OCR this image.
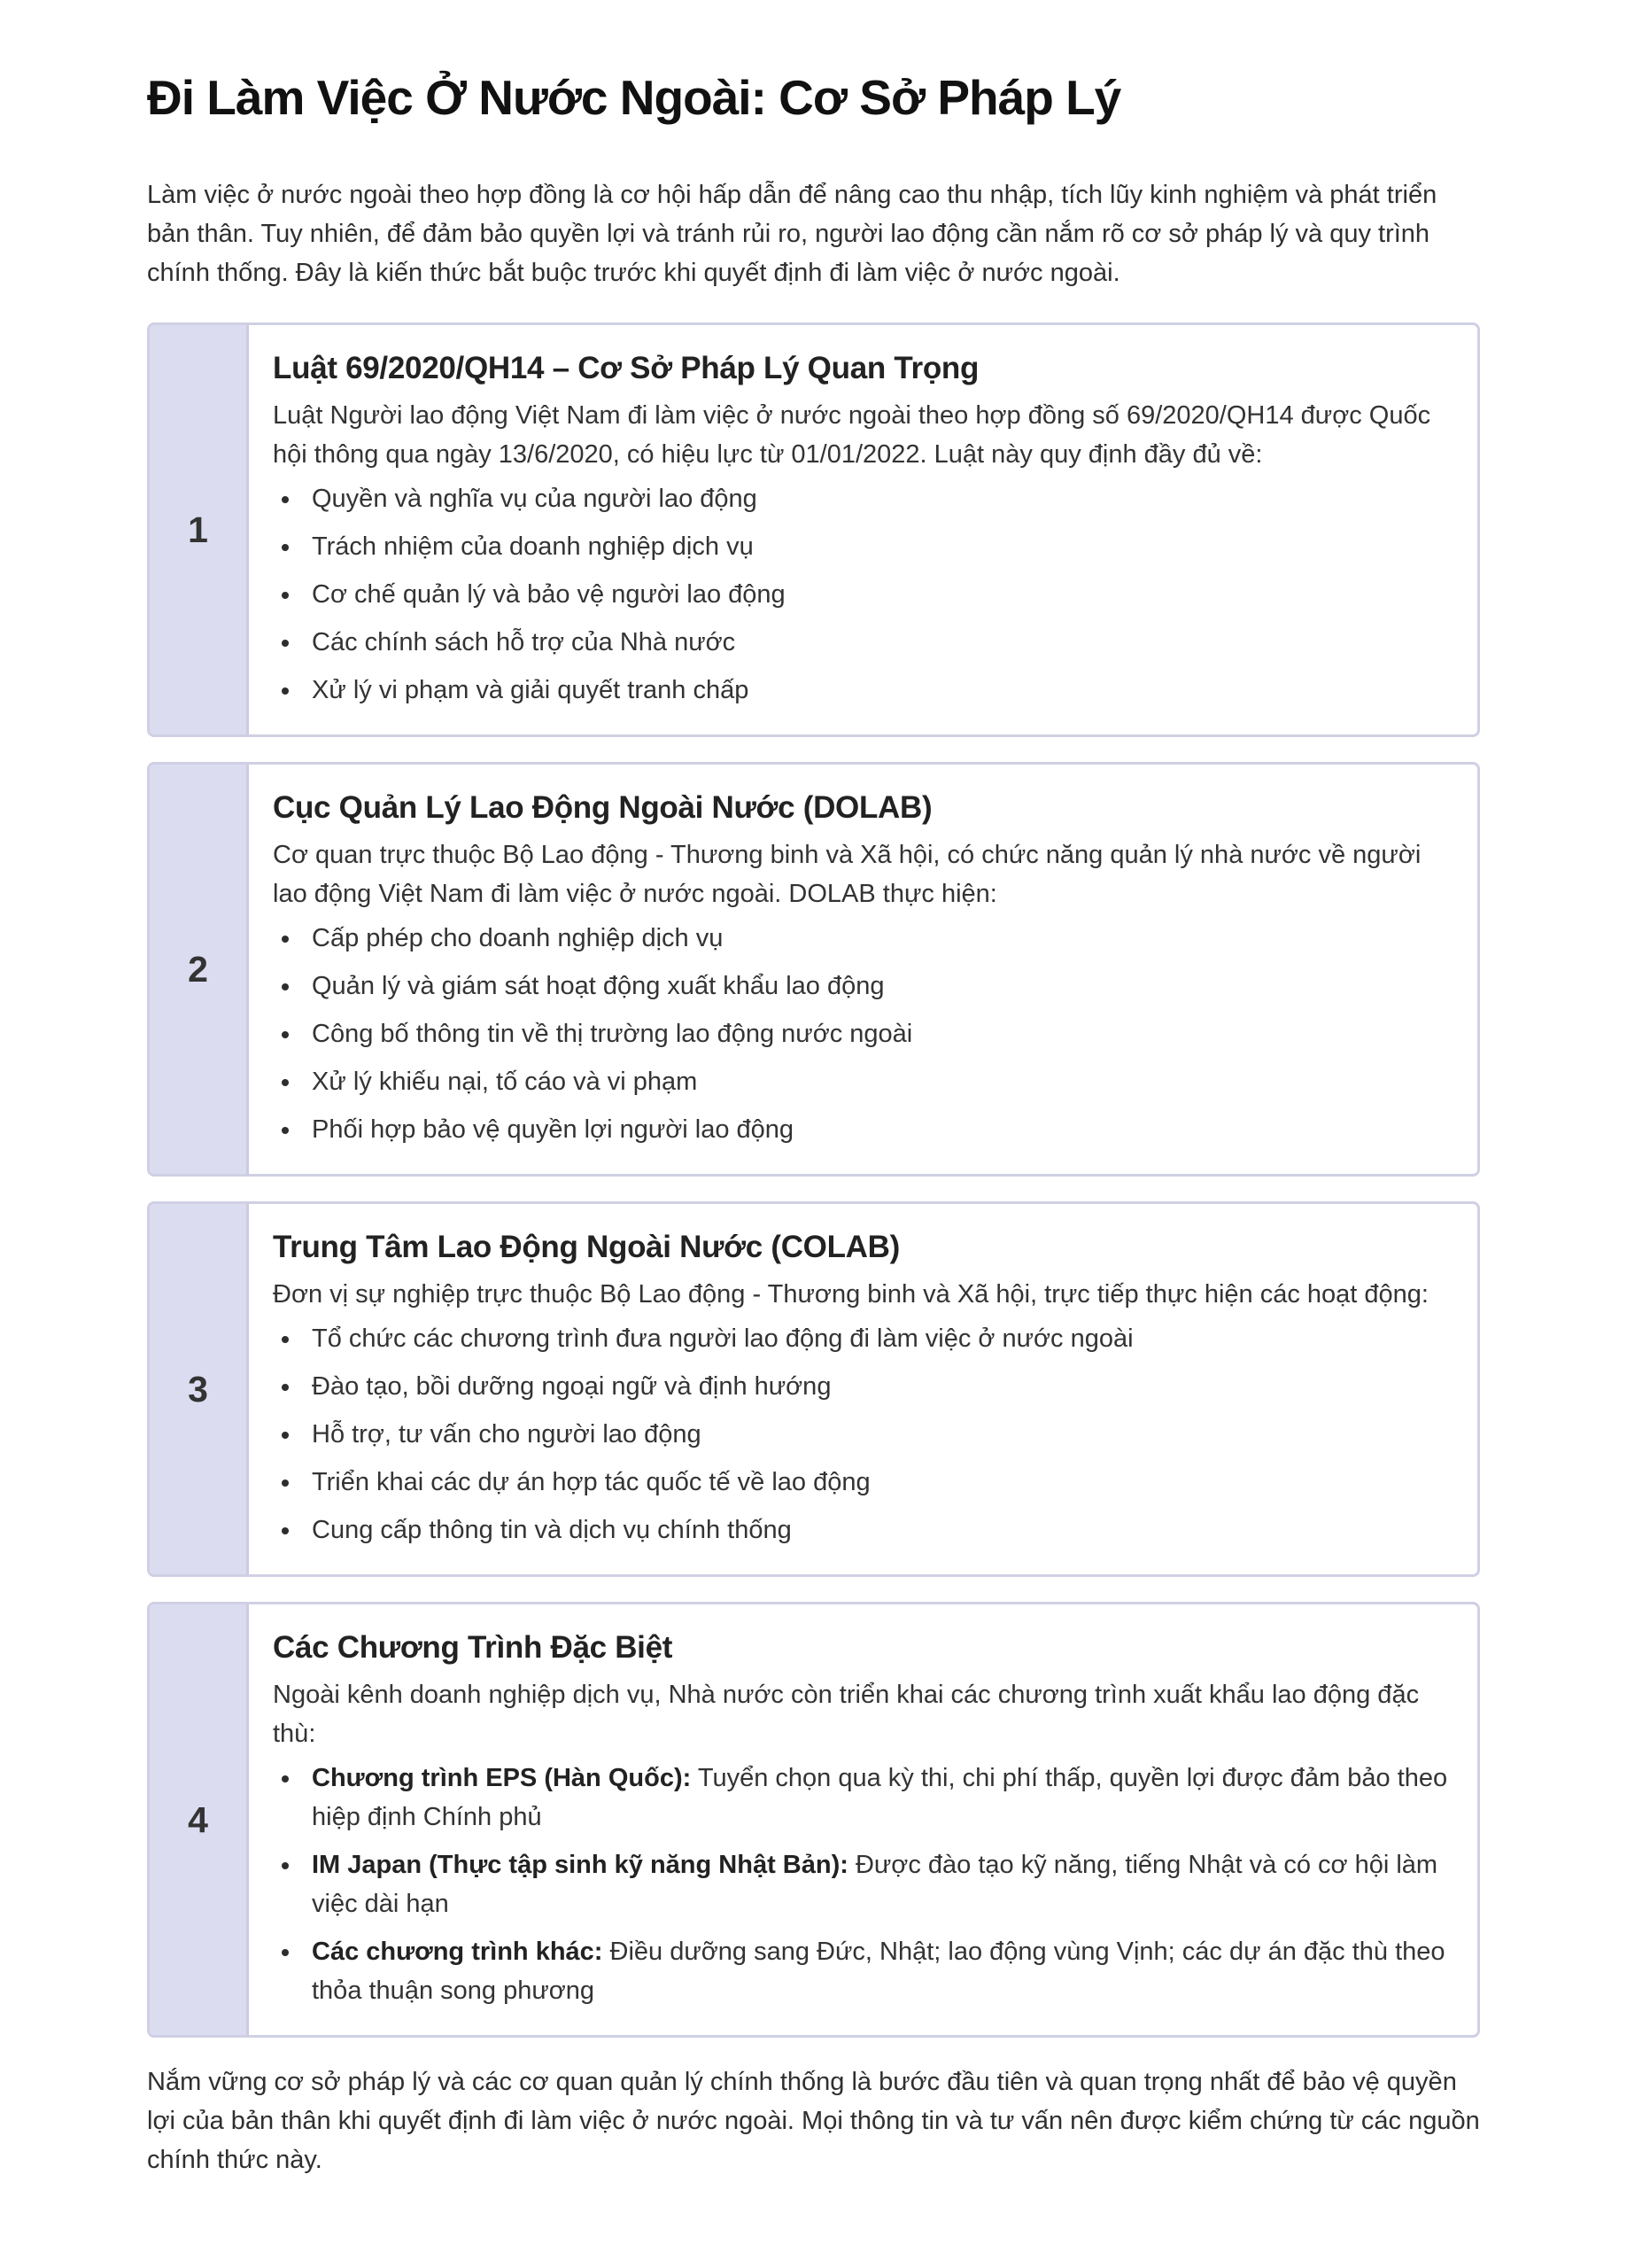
Đi Làm Việc Ở Nước Ngoài: Cơ Sở Pháp Lý

Làm việc ở nước ngoài theo hợp đồng là cơ hội hấp dẫn để nâng cao thu nhập, tích lũy kinh nghiệm và phát triển bản thân. Tuy nhiên, để đảm bảo quyền lợi và tránh rủi ro, người lao động cần nắm rõ cơ sở pháp lý và quy trình chính thống. Đây là kiến thức bắt buộc trước khi quyết định đi làm việc ở nước ngoài.

1
Luật 69/2020/QH14 – Cơ Sở Pháp Lý Quan Trọng

Luật Người lao động Việt Nam đi làm việc ở nước ngoài theo hợp đồng số 69/2020/QH14 được Quốc hội thông qua ngày 13/6/2020, có hiệu lực từ 01/01/2022. Luật này quy định đầy đủ về:

Quyền và nghĩa vụ của người lao động
Trách nhiệm của doanh nghiệp dịch vụ
Cơ chế quản lý và bảo vệ người lao động
Các chính sách hỗ trợ của Nhà nước
Xử lý vi phạm và giải quyết tranh chấp
2
Cục Quản Lý Lao Động Ngoài Nước (DOLAB)

Cơ quan trực thuộc Bộ Lao động - Thương binh và Xã hội, có chức năng quản lý nhà nước về người lao động Việt Nam đi làm việc ở nước ngoài. DOLAB thực hiện:

Cấp phép cho doanh nghiệp dịch vụ
Quản lý và giám sát hoạt động xuất khẩu lao động
Công bố thông tin về thị trường lao động nước ngoài
Xử lý khiếu nại, tố cáo và vi phạm
Phối hợp bảo vệ quyền lợi người lao động
3
Trung Tâm Lao Động Ngoài Nước (COLAB)

Đơn vị sự nghiệp trực thuộc Bộ Lao động - Thương binh và Xã hội, trực tiếp thực hiện các hoạt động:

Tổ chức các chương trình đưa người lao động đi làm việc ở nước ngoài
Đào tạo, bồi dưỡng ngoại ngữ và định hướng
Hỗ trợ, tư vấn cho người lao động
Triển khai các dự án hợp tác quốc tế về lao động
Cung cấp thông tin và dịch vụ chính thống
4
Các Chương Trình Đặc Biệt

Ngoài kênh doanh nghiệp dịch vụ, Nhà nước còn triển khai các chương trình xuất khẩu lao động đặc thù:

Chương trình EPS (Hàn Quốc): Tuyển chọn qua kỳ thi, chi phí thấp, quyền lợi được đảm bảo theo hiệp định Chính phủ
IM Japan (Thực tập sinh kỹ năng Nhật Bản): Được đào tạo kỹ năng, tiếng Nhật và có cơ hội làm việc dài hạn
Các chương trình khác: Điều dưỡng sang Đức, Nhật; lao động vùng Vịnh; các dự án đặc thù theo thỏa thuận song phương

Nắm vững cơ sở pháp lý và các cơ quan quản lý chính thống là bước đầu tiên và quan trọng nhất để bảo vệ quyền lợi của bản thân khi quyết định đi làm việc ở nước ngoài. Mọi thông tin và tư vấn nên được kiểm chứng từ các nguồn chính thức này.
